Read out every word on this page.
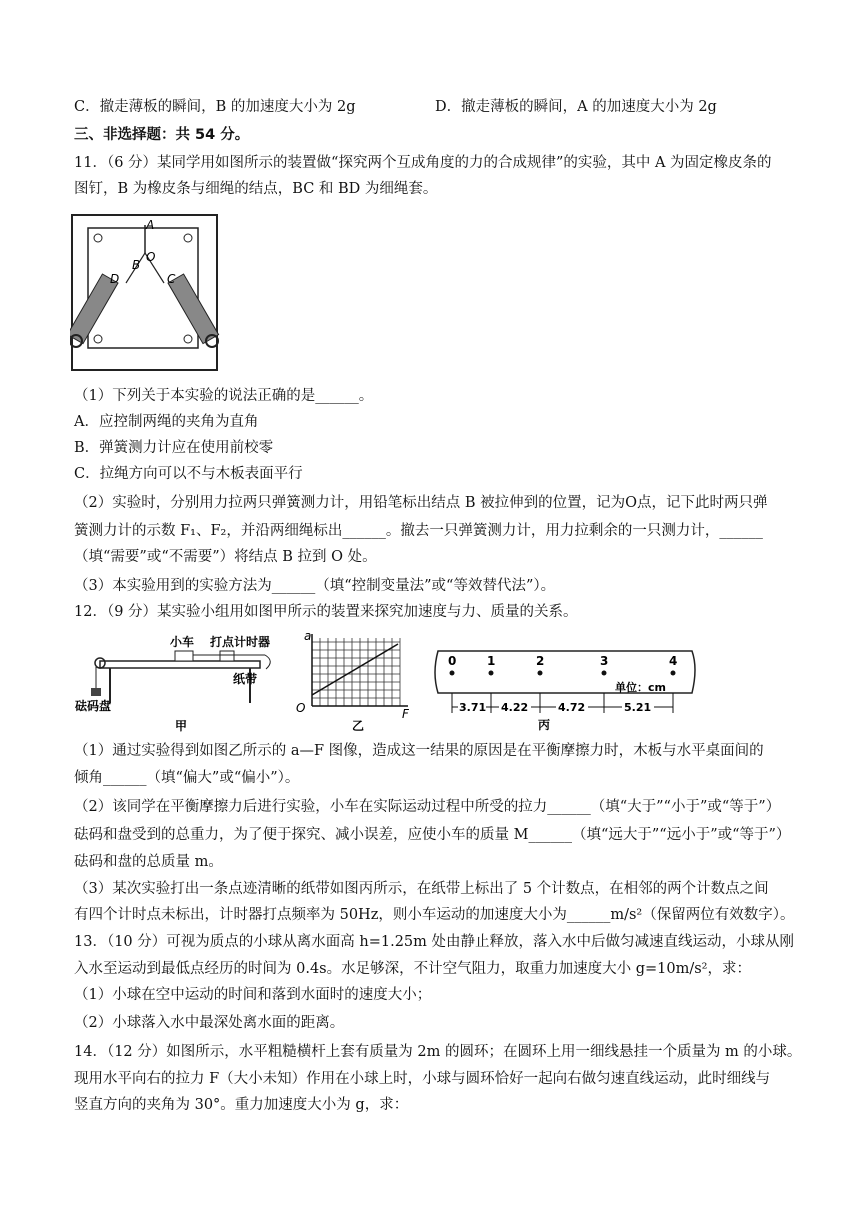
C．撤走薄板的瞬间，B 的加速度大小为 2g	D．撤走薄板的瞬间，A 的加速度大小为 2g
三、非选择题：共 54 分。
11．（6 分）某同学用如图所示的装置做“探究两个互成角度的力的合成规律”的实验，其中 A 为固定橡皮条的
图钉，B 为橡皮条与细绳的结点，BC 和 BD 为细绳套。
A
B
O
D	C
（1）下列关于本实验的说法正确的是______。
A．应控制两绳的夹角为直角
B．弹簧测力计应在使用前校零
C．拉绳方向可以不与木板表面平行
（2）实验时，分别用力拉两只弹簧测力计，用铅笔标出结点 B 被拉伸到的位置，记为O点，记下此时两只弹
簧测力计的示数 F₁、F₂，并沿两细绳标出______。撤去一只弹簧测力计，用力拉剩余的一只测力计，______
（填“需要”或“不需要”）将结点 B 拉到 O 处。
（3）本实验用到的实验方法为______（填“控制变量法”或“等效替代法”）。
12．（9 分）某实验小组用如图甲所示的装置来探究加速度与力、质量的关系。
小车 打点计时器
纸带
砝码盘
甲
a
O	F
乙
0	1	2	3	4
单位：cm
3.71 4.22	4.72	5.21
丙
（1）通过实验得到如图乙所示的 a—F 图像，造成这一结果的原因是在平衡摩擦力时，木板与水平桌面间的
倾角______（填“偏大”或“偏小”）。
（2）该同学在平衡摩擦力后进行实验，小车在实际运动过程中所受的拉力______（填“大于”“小于”或“等于”）
砝码和盘受到的总重力，为了便于探究、减小误差，应使小车的质量 M______（填“远大于”“远小于”或“等于”）
砝码和盘的总质量 m。
（3）某次实验打出一条点迹清晰的纸带如图丙所示，在纸带上标出了 5 个计数点，在相邻的两个计数点之间
有四个计时点未标出，计时器打点频率为 50Hz，则小车运动的加速度大小为______m/s²（保留两位有效数字）。
13．（10 分）可视为质点的小球从离水面高 h=1.25m 处由静止释放，落入水中后做匀减速直线运动，小球从刚
入水至运动到最低点经历的时间为 0.4s。水足够深，不计空气阻力，取重力加速度大小 g=10m/s²，求：
（1）小球在空中运动的时间和落到水面时的速度大小；
（2）小球落入水中最深处离水面的距离。
14．（12 分）如图所示，水平粗糙横杆上套有质量为 2m 的圆环；在圆环上用一细线悬挂一个质量为 m 的小球。
现用水平向右的拉力 F（大小未知）作用在小球上时，小球与圆环恰好一起向右做匀速直线运动，此时细线与
竖直方向的夹角为 30°。重力加速度大小为 g，求：
